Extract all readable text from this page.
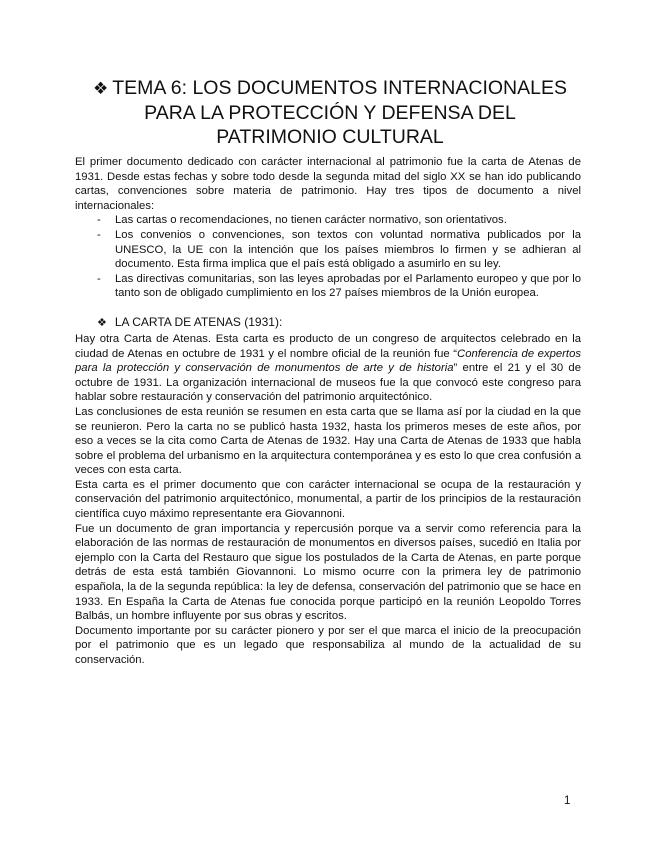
❖ TEMA 6: LOS DOCUMENTOS INTERNACIONALES
PARA LA PROTECCIÓN Y DEFENSA DEL
PATRIMONIO CULTURAL

El primer documento dedicado con carácter internacional al patrimonio fue la carta de Atenas de 1931. Desde estas fechas y sobre todo desde la segunda mitad del siglo XX se han ido publicando cartas, convenciones sobre materia de patrimonio. Hay tres tipos de documento a nivel internacionales:

- Las cartas o recomendaciones, no tienen carácter normativo, son orientativos.
- Los convenios o convenciones, son textos con voluntad normativa publicados por la UNESCO, la UE con la intención que los países miembros lo firmen y se adhieran al documento. Esta firma implica que el país está obligado a asumirlo en su ley.
- Las directivas comunitarias, son las leyes aprobadas por el Parlamento europeo y que por lo tanto son de obligado cumplimiento en los 27 países miembros de la Unión europea.
❖ LA CARTA DE ATENAS (1931):

Hay otra Carta de Atenas. Esta carta es producto de un congreso de arquitectos celebrado en la ciudad de Atenas en octubre de 1931 y el nombre oficial de la reunión fue “Conferencia de expertos para la protección y conservación de monumentos de arte y de historia” entre el 21 y el 30 de octubre de 1931. La organización internacional de museos fue la que convocó este congreso para hablar sobre restauración y conservación del patrimonio arquitectónico.

Las conclusiones de esta reunión se resumen en esta carta que se llama así por la ciudad en la que se reunieron. Pero la carta no se publicó hasta 1932, hasta los primeros meses de este años, por eso a veces se la cita como Carta de Atenas de 1932. Hay una Carta de Atenas de 1933 que habla sobre el problema del urbanismo en la arquitectura contemporánea y es esto lo que crea confusión a veces con esta carta.

Esta carta es el primer documento que con carácter internacional se ocupa de la restauración y conservación del patrimonio arquitectónico, monumental, a partir de los principios de la restauración científica cuyo máximo representante era Giovannoni.

Fue un documento de gran importancia y repercusión porque va a servir como referencia para la elaboración de las normas de restauración de monumentos en diversos países, sucedió en Italia por ejemplo con la Carta del Restauro que sigue los postulados de la Carta de Atenas, en parte porque detrás de esta está también Giovannoni. Lo mismo ocurre con la primera ley de patrimonio española, la de la segunda república: la ley de defensa, conservación del patrimonio que se hace en 1933. En España la Carta de Atenas fue conocida porque participó en la reunión Leopoldo Torres Balbás, un hombre influyente por sus obras y escritos.

Documento importante por su carácter pionero y por ser el que marca el inicio de la preocupación por el patrimonio que es un legado que responsabiliza al mundo de la actualidad de su conservación.

1
